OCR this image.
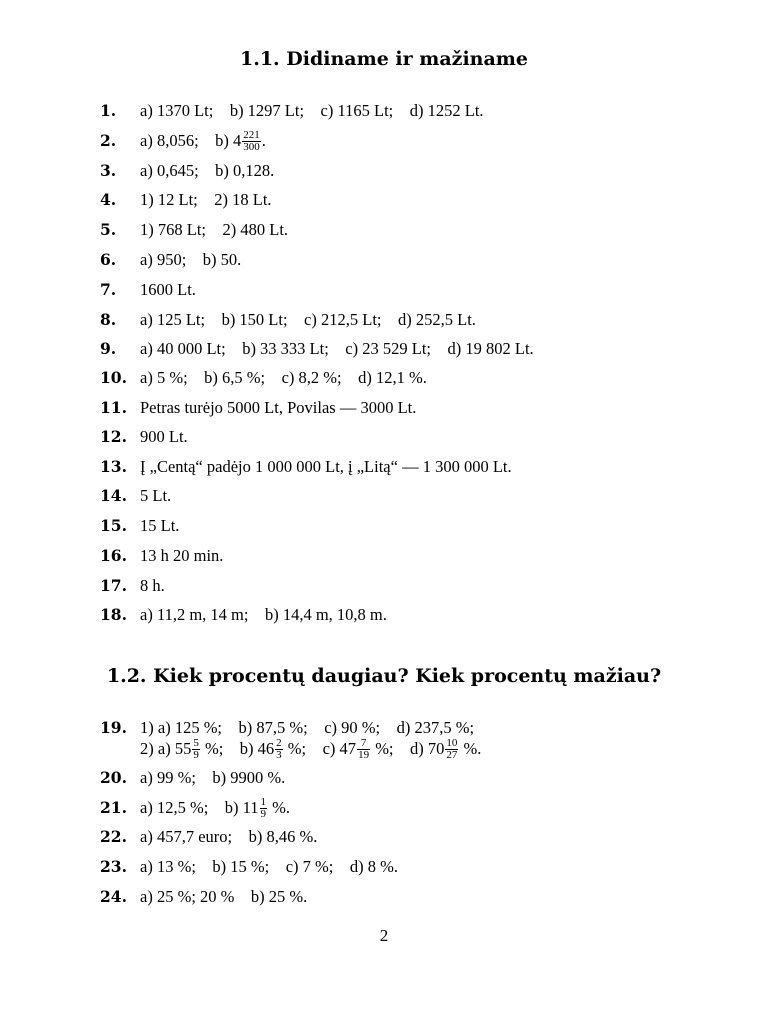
1.1. Didiname ir mažiname
1. a) 1370 Lt;    b) 1297 Lt;    c) 1165 Lt;    d) 1252 Lt.
2. a) 8,056;    b) $4 \frac{221}{300}$ .
3. a) 0,645;    b) 0,128.
4. 1) 12 Lt;    2) 18 Lt.
5. 1) 768 Lt;    2) 480 Lt.
6. a) 950;    b) 50.
7. 1600 Lt.
8. a) 125 Lt;    b) 150 Lt;    c) 212,5 Lt;    d) 252,5 Lt.
9. a) 40 000 Lt;    b) 33 333 Lt;    c) 23 529 Lt;    d) 19 802 Lt.
10. a) 5 %;    b) 6,5 %;    c) 8,2 %;    d) 12,1 %.
11. Petras turėjo 5000 Lt, Povilas — 3000 Lt.
12. 900 Lt.
13. Į „Centą“ padėjo 1 000 000 Lt, į „Litą“ — 1 300 000 Lt.
14. 5 Lt.
15. 15 Lt.
16. 13 h 20 min.
17. 8 h.
18. a) 11,2 m, 14 m;    b) 14,4 m, 10,8 m.
1.2. Kiek procentų daugiau? Kiek procentų mažiau?
19. 1) a) 125 %;    b) 87,5 %;    c) 90 %;    d) 237,5 %;
2) a) $55 \frac{5}{9}$ %;    b) $46 \frac{2}{3}$ %;    c) $47 \frac{7}{19}$ %;    d) $70 \frac{10}{27}$ %.
20. a) 99 %;    b) 9900 %.
21. a) 12,5 %;    b) $11 \frac{1}{9}$ %.
22. a) 457,7 euro;    b) 8,46 %.
23. a) 13 %;    b) 15 %;    c) 7 %;    d) 8 %.
24. a) 25 %; 20 %    b) 25 %.
2
